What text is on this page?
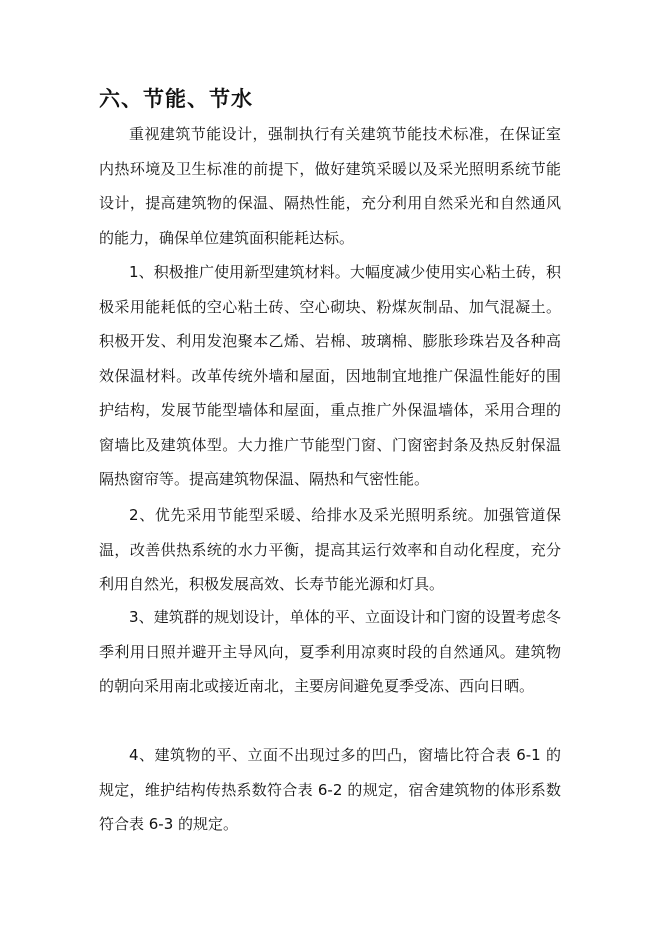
六、节能、节水

重视建筑节能设计，强制执行有关建筑节能技术标准，在保证室内热环境及卫生标准的前提下，做好建筑采暖以及采光照明系统节能设计，提高建筑物的保温、隔热性能，充分利用自然采光和自然通风的能力，确保单位建筑面积能耗达标。

1、积极推广使用新型建筑材料。大幅度减少使用实心粘土砖，积极采用能耗低的空心粘土砖、空心砌块、粉煤灰制品、加气混凝土。积极开发、利用发泡聚本乙烯、岩棉、玻璃棉、膨胀珍珠岩及各种高效保温材料。改革传统外墙和屋面，因地制宜地推广保温性能好的围护结构，发展节能型墙体和屋面，重点推广外保温墙体，采用合理的窗墙比及建筑体型。大力推广节能型门窗、门窗密封条及热反射保温隔热窗帘等。提高建筑物保温、隔热和气密性能。

2、优先采用节能型采暖、给排水及采光照明系统。加强管道保温，改善供热系统的水力平衡，提高其运行效率和自动化程度，充分利用自然光，积极发展高效、长寿节能光源和灯具。

3、建筑群的规划设计，单体的平、立面设计和门窗的设置考虑冬季利用日照并避开主导风向，夏季利用凉爽时段的自然通风。建筑物的朝向采用南北或接近南北，主要房间避免夏季受冻、西向日晒。

4、建筑物的平、立面不出现过多的凹凸，窗墙比符合表 6-1 的规定，维护结构传热系数符合表 6-2 的规定，宿舍建筑物的体形系数符合表 6-3 的规定。
